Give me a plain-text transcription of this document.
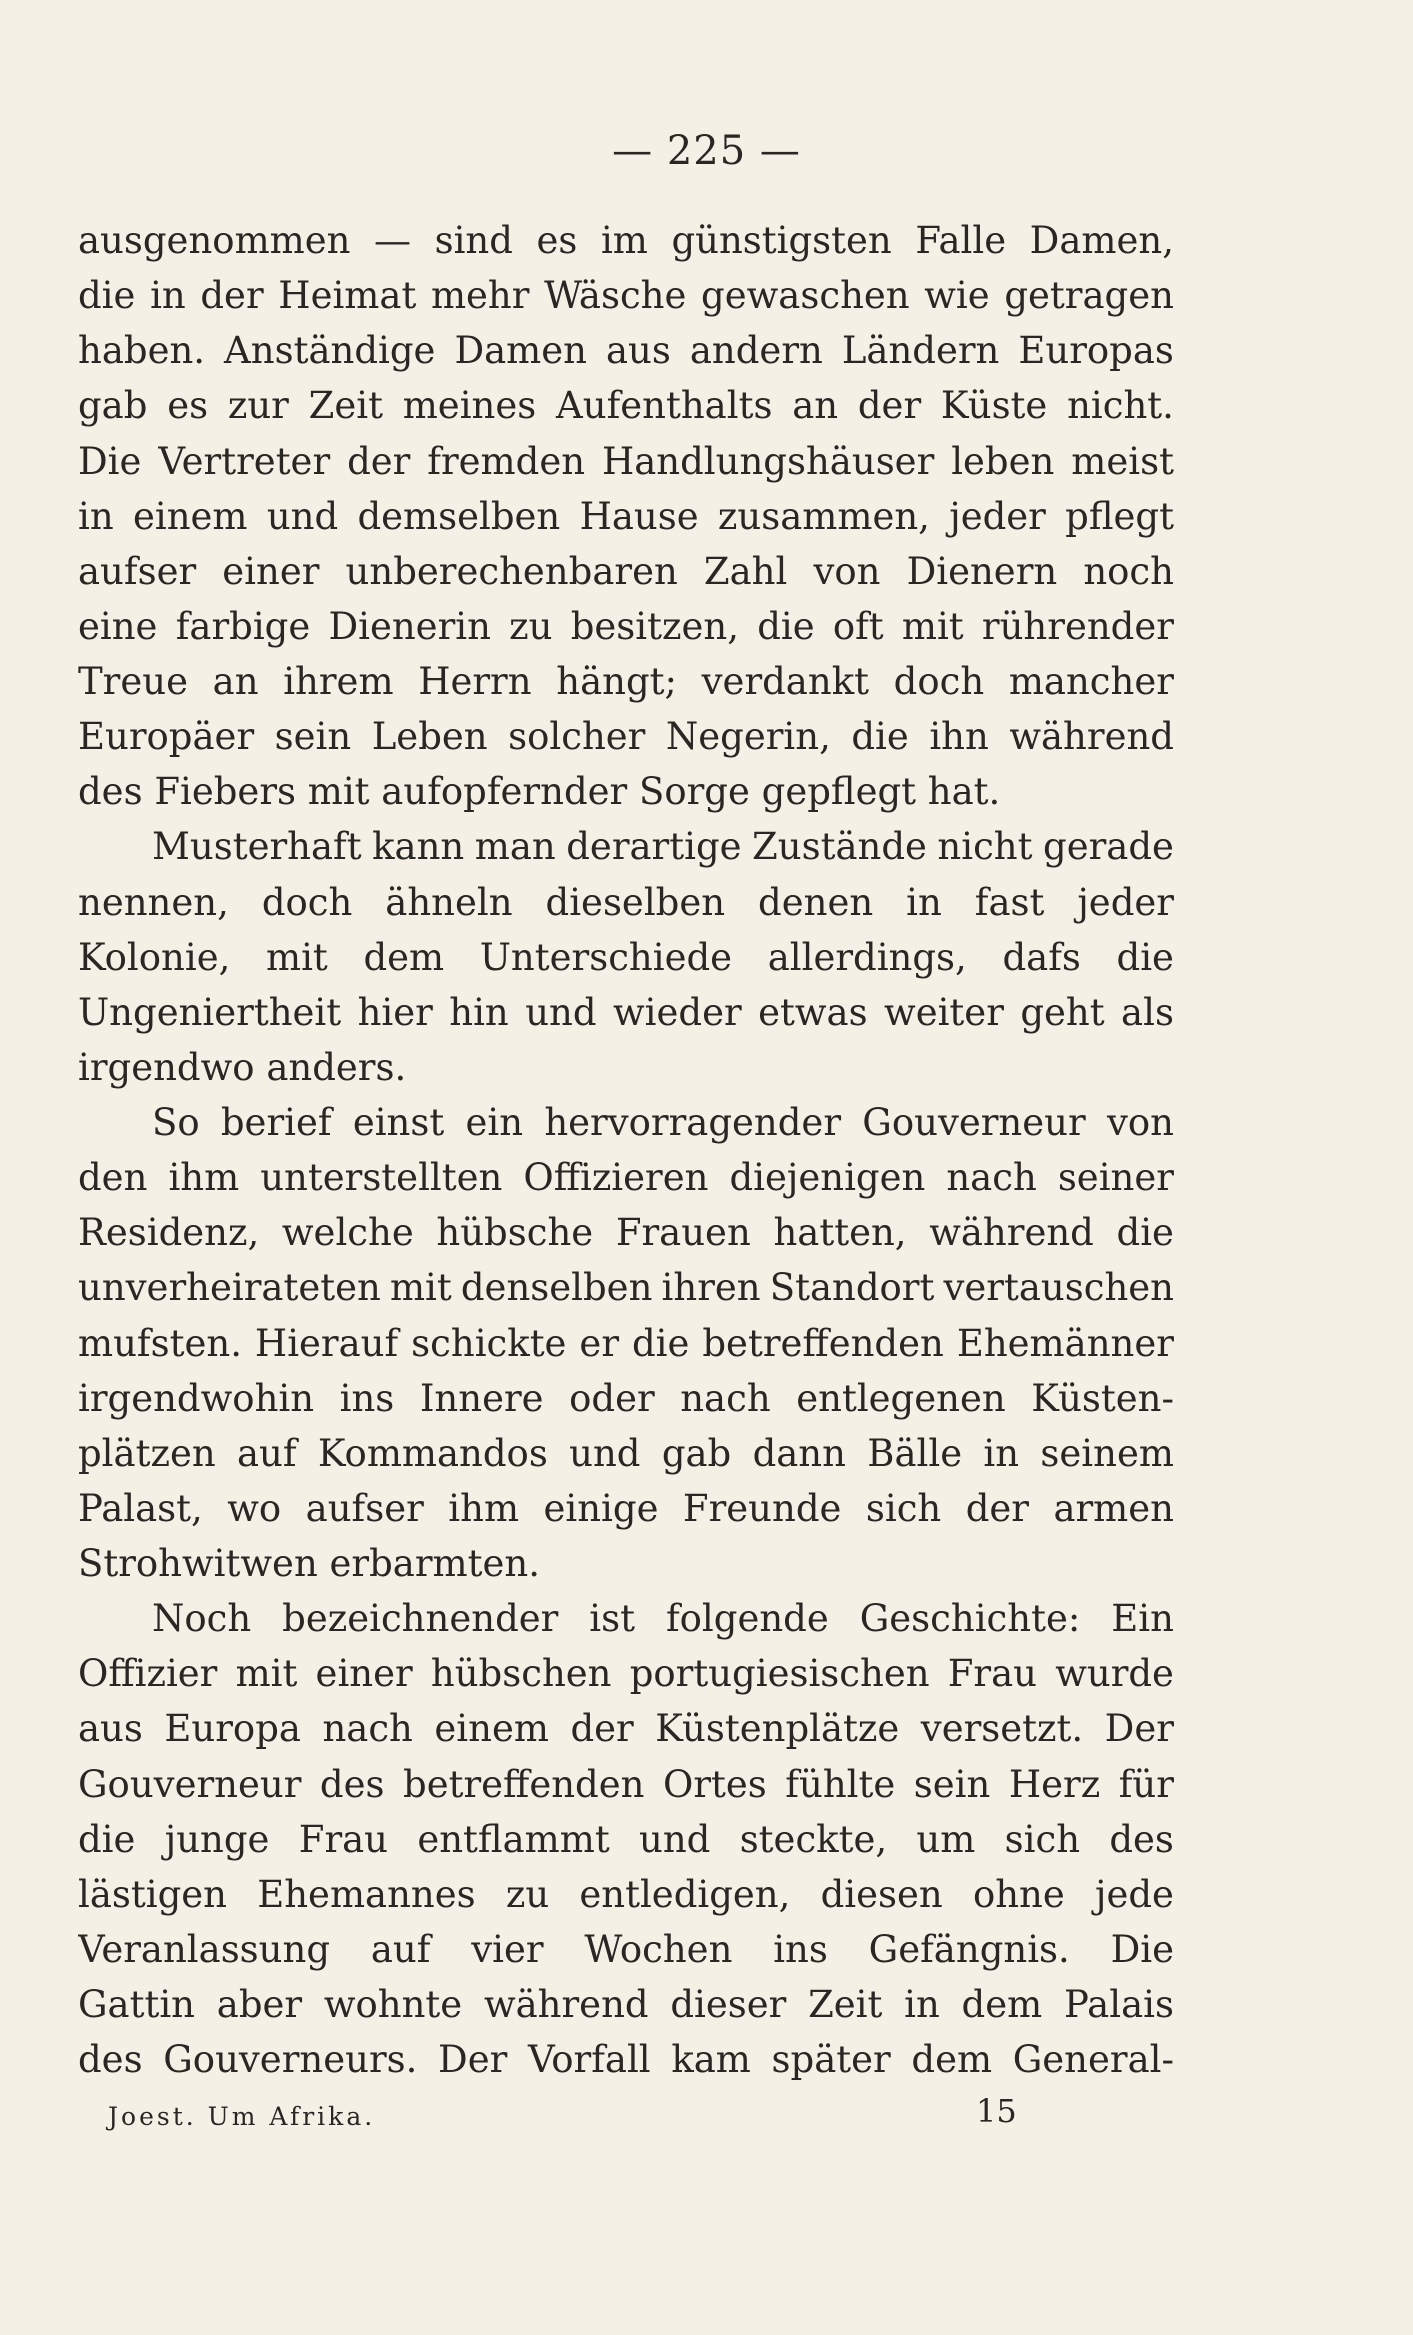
— 225 —
ausgenommen — sind es im günstigsten Falle Damen,
die in der Heimat mehr Wäsche gewaschen wie getragen
haben. Anständige Damen aus andern Ländern Europas
gab es zur Zeit meines Aufenthalts an der Küste nicht.
Die Vertreter der fremden Handlungshäuser leben meist
in einem und demselben Hause zusammen, jeder pflegt
aufser einer unberechenbaren Zahl von Dienern noch
eine farbige Dienerin zu besitzen, die oft mit rührender
Treue an ihrem Herrn hängt; verdankt doch mancher
Europäer sein Leben solcher Negerin, die ihn während
des Fiebers mit aufopfernder Sorge gepflegt hat.
Musterhaft kann man derartige Zustände nicht gerade
nennen, doch ähneln dieselben denen in fast jeder
Kolonie, mit dem Unterschiede allerdings, dafs die
Ungeniertheit hier hin und wieder etwas weiter geht als
irgendwo anders.
So berief einst ein hervorragender Gouverneur von
den ihm unterstellten Offizieren diejenigen nach seiner
Residenz, welche hübsche Frauen hatten, während die
unverheirateten mit denselben ihren Standort vertauschen
mufsten. Hierauf schickte er die betreffenden Ehemänner
irgendwohin ins Innere oder nach entlegenen Küsten-
plätzen auf Kommandos und gab dann Bälle in seinem
Palast, wo aufser ihm einige Freunde sich der armen
Strohwitwen erbarmten.
Noch bezeichnender ist folgende Geschichte: Ein
Offizier mit einer hübschen portugiesischen Frau wurde
aus Europa nach einem der Küstenplätze versetzt. Der
Gouverneur des betreffenden Ortes fühlte sein Herz für
die junge Frau entflammt und steckte, um sich des
lästigen Ehemannes zu entledigen, diesen ohne jede
Veranlassung auf vier Wochen ins Gefängnis. Die
Gattin aber wohnte während dieser Zeit in dem Palais
des Gouverneurs. Der Vorfall kam später dem General-
Joest. Um Afrika.	15
